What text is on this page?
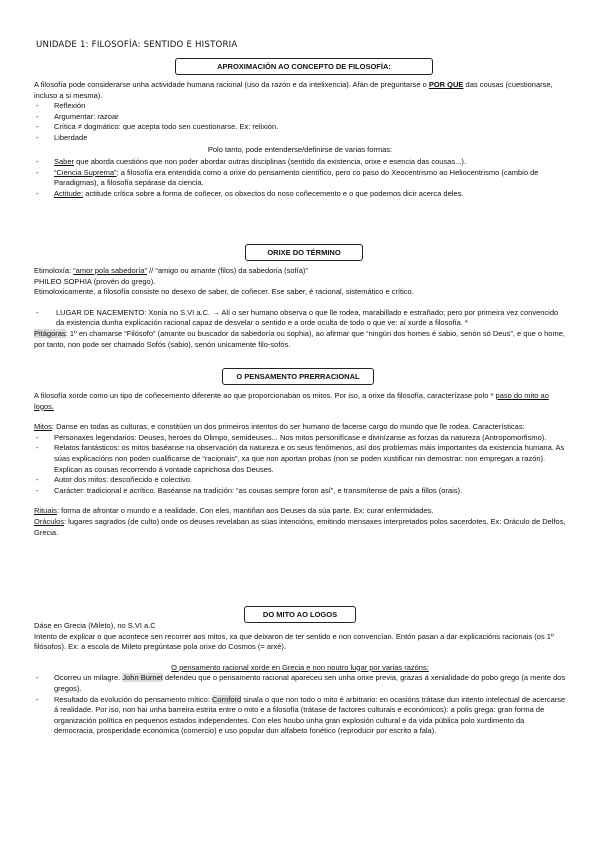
UNIDADE 1: FILOSOFÍA: SENTIDO E HISTORIA
APROXIMACIÓN AO CONCEPTO DE FILOSOFÍA:

A filosofía pode considerarse unha actividade humana racional (uso da razón e da intelixencia). Afán de preguntarse o POR QUE das cousas (cuestionarse, incluso a si mesma).

- Reflexión
- Argumentar: razoar
- Crítica ≠ dogmático: que acepta todo sen cuestionarse. Ex: relixión.
- Liberdade

Polo tanto, pode entenderse/definirse de varias formas:

- Saber que aborda cuestións que non poder abordar outras disciplinas (sentido da existencia, orixe e esencia das cousas...).
- “Ciencia Suprema”: a filosofía era entendida como a orixe do pensamento científico, pero co paso do Xeocentrismo ao Heliocentrismo (cambio de Paradigmas), a filosofía sepárase da ciencia.
- Actitude: actitude crítica sobre a forma de coñecer, os obxectos do noso coñecemento e o que podemos dicir acerca deles.
ORIXE DO TÉRMINO

Etimoloxía: “amor pola sabedoría” // “amigo ou amante (filos) da sabedoría (sofía)”

PHILEO SOPHIA (provén do grego).

Etimoloxicamente, a filosofía consiste no desexo de saber, de coñecer. Ese saber, é racional, sistemático e crítico.

- LUGAR DE NACEMENTO: Xonia no S.VI a.C. → Alí o ser humano observa o que lle rodea, marabillado e estrañado; pero por primeira vez convencido da existencia dunha explicación racional capaz de desvelar o sentido e a orde oculta de todo o que ve: aí xurde a filosofía. *

Pitágoras: 1º en chamarse “Filósofo” (amante ou buscador da sabedoría ou sophia), ao afirmar que “ningún dos homes é sabio, senón só Deus”, e que o home, por tanto, non pode ser chamado Sofós (sabio), senón unicamente filo-sofós.

O PENSAMENTO PRERRACIONAL

A filosofía xorde como un tipo de coñecemento diferente ao que proporcionaban os mitos. Por iso, a orixe da filosofía, caracterízase polo * paso do mito ao logos.

Mitos: Danse en todas as culturas, e constitúen un dos primeiros intentos do ser humano de facerse cargo do mundo que lle rodea. Características:

- Personaxes legendarios: Deuses, heroes do Olimpo, semideuses... Nos mitos personifícase e divinízanse as forzas da natureza (Antropomorfismo).
- Relatos fantásticos: os mitos baséanse na observación da natureza e os seus fenómenos, así dos problemas máis importantes da existencia humana. As súas explicacións non poden cualificarse de “racionais”, xa que non aportan probas (non se poden xustificar nin demostrar: non empregan a razón). Explican as cousas recorrendo á vontade caprichosa dos Deuses.
- Autor dos mitos: descoñecido e colectivo.
- Carácter: tradicional e acrítico. Baséanse na tradición: “as cousas sempre foron así”, e transmítense de pais a fillos (orais).

Rituais: forma de afrontar o mundo e a realidade. Con eles, mantiñan aos Deuses da súa parte. Ex: curar enfermidades.

Oráculos: lugares sagrados (de culto) onde os deuses revelaban as súas intencións, emitindo mensaxes interpretados polos sacerdotes. Ex: Oráculo de Delfos, Grecia.

DO MITO AO LOGOS

Dáse en Grecia (Mileto), no S.VI a.C

Intento de explicar o que acontece sen recorrer aos mitos, xa que deixaron de ter sentido e non convencían. Entón pasan a dar explicacións racionais (os 1º filósofos). Ex: a escola de Mileto pregúntase pola orixe do Cosmos (= arxé).

O pensamento racional xorde en Grecia e non noutro lugar por varias razóns:

- Ocorreu un milagre. John Burnet defendeu que o pensamento racional apareceu sen unha orixe previa, grazas á xenialidade do pobo grego (a mente dos gregos).
- Resultado da evolución do pensamento mítico: Cornford sinala o que non todo o mito é arbitrario: en ocasións trátase dun intento intelectual de acercarse á realidade. Por iso, non hai unha barreira estrita entre o mito e a filosofía (trátase de factores culturais e económicos): a polis grega: gran forma de organización política en pequenos estados independentes. Con eles houbo unha gran explosión cultural e da vida pública polo xurdimento da democracia, prosperidade económica (comercio) e uso popular dun alfabeto fonético (reproducir por escrito a fala).
